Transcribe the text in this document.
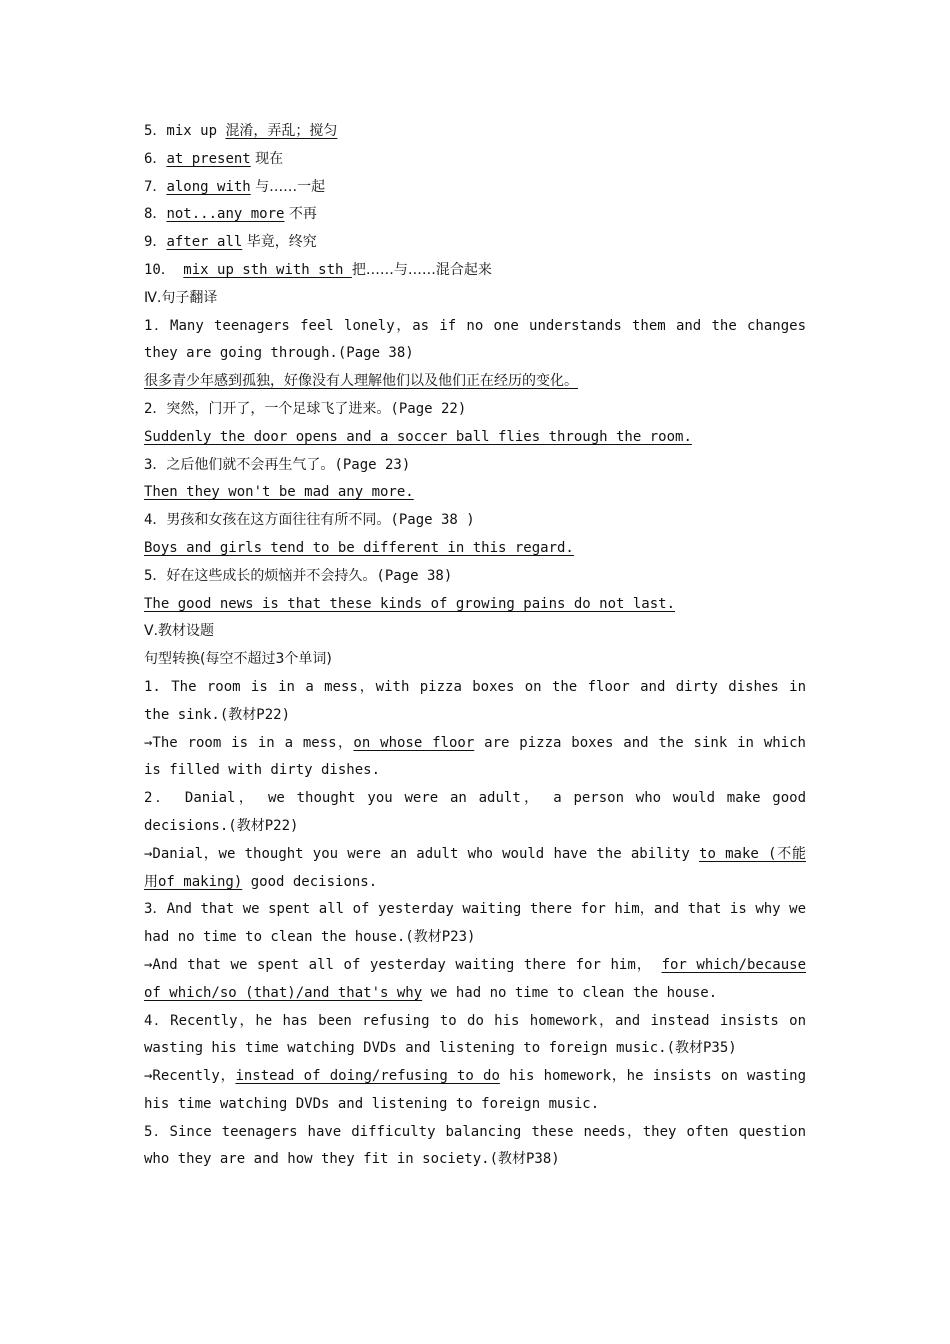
5．mix up 混淆，弄乱；搅匀
6．at present 现在
7．along with 与……一起
8．not...any more 不再
9．after all 毕竟，终究
10． mix up sth with sth 把……与……混合起来
Ⅳ.句子翻译
1．Many teenagers feel lonely，as if no one understands them and the changes they are going through.(Page 38)
很多青少年感到孤独，好像没有人理解他们以及他们正在经历的变化。
2．突然，门开了，一个足球飞了进来。(Page 22)
Suddenly the door opens and a soccer ball flies through the room.
3．之后他们就不会再生气了。(Page 23)
Then they won't be mad any more.
4．男孩和女孩在这方面往往有所不同。(Page 38 )
Boys and girls tend to be different in this regard.
5．好在这些成长的烦恼并不会持久。(Page 38)
The good news is that these kinds of growing pains do not last.
Ⅴ.教材设题
句型转换(每空不超过3个单词)
1. The room is in a mess，with pizza boxes on the floor and dirty dishes in the sink.(教材P22)
→The room is in a mess，on whose floor are pizza boxes and the sink in which is filled with dirty dishes.
2． Danial， we thought you were an adult， a person who would make good decisions.(教材P22)
→Danial，we thought you were an adult who would have the ability to make (不能用of making) good decisions.
3．And that we spent all of yesterday waiting there for him，and that is why we had no time to clean the house.(教材P23)
→And that we spent all of yesterday waiting there for him， for which/because of which/so (that)/and that's why we had no time to clean the house.
4．Recently，he has been refusing to do his homework，and instead insists on wasting his time watching DVDs and listening to foreign music.(教材P35)
→Recently，instead of doing/refusing to do his homework，he insists on wasting his time watching DVDs and listening to foreign music.
5．Since teenagers have difficulty balancing these needs，they often question who they are and how they fit in society.(教材P38)
